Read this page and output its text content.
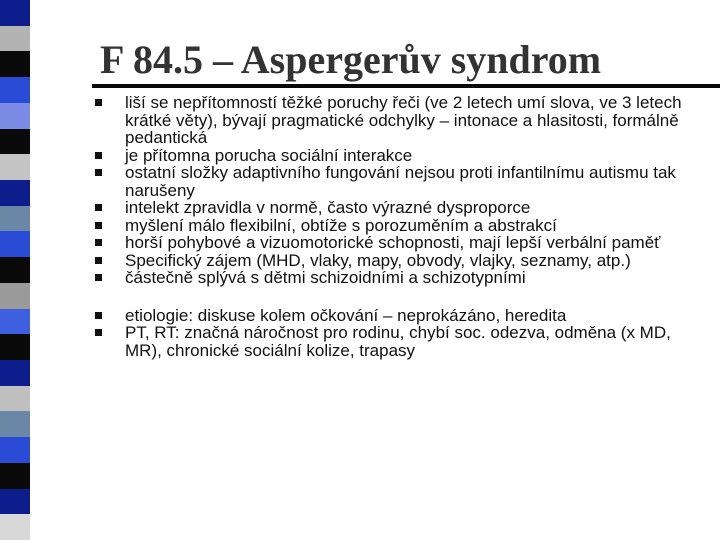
F 84.5 – Aspergerův syndrom
liší se nepřítomností těžké poruchy řeči (ve 2 letech umí slova, ve 3 letech krátké věty), bývají pragmatické odchylky – intonace a hlasitosti, formálně pedantická
je přítomna porucha sociální interakce
ostatní složky adaptivního fungování nejsou proti infantilnímu autismu tak narušeny
intelekt zpravidla v normě, často výrazné dysproporce
myšlení málo flexibilní, obtíže s porozuměním a abstrakcí
horší pohybové a vizuomotorické schopnosti, mají lepší verbální paměť
Specifický zájem (MHD, vlaky, mapy, obvody, vlajky, seznamy, atp.)
částečně splývá s dětmi schizoidními a schizotypními
etiologie: diskuse kolem očkování – neprokázáno, heredita
PT, RT: značná náročnost pro rodinu, chybí soc. odezva, odměna (x MD, MR), chronické sociální kolize, trapasy
